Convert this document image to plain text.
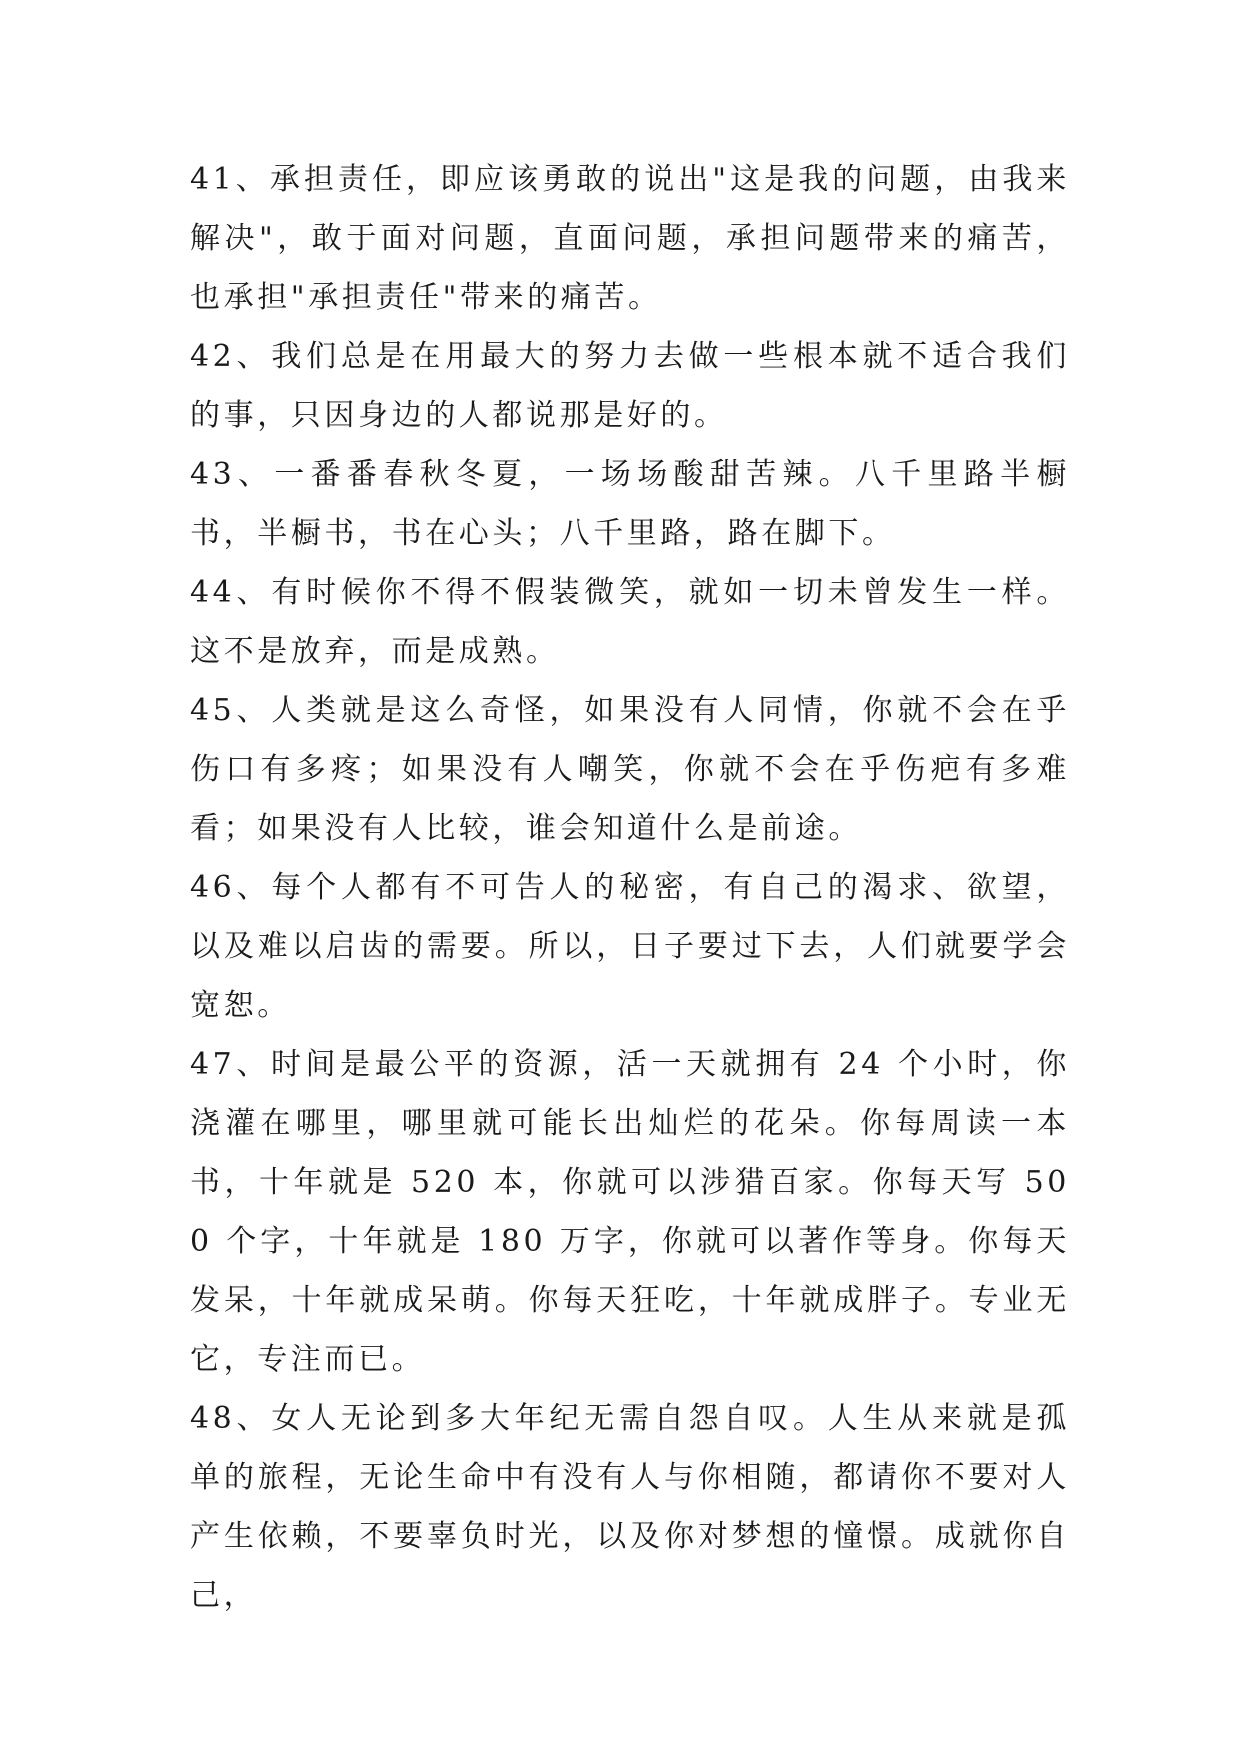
41、承担责任，即应该勇敢的说出"这是我的问题，由我来解决"，敢于面对问题，直面问题，承担问题带来的痛苦，也承担"承担责任"带来的痛苦。

42、我们总是在用最大的努力去做一些根本就不适合我们的事，只因身边的人都说那是好的。

43、一番番春秋冬夏，一场场酸甜苦辣。八千里路半橱书，半橱书，书在心头；八千里路，路在脚下。

44、有时候你不得不假装微笑，就如一切未曾发生一样。这不是放弃，而是成熟。

45、人类就是这么奇怪，如果没有人同情，你就不会在乎伤口有多疼；如果没有人嘲笑，你就不会在乎伤疤有多难看；如果没有人比较，谁会知道什么是前途。

46、每个人都有不可告人的秘密，有自己的渴求、欲望，以及难以启齿的需要。所以，日子要过下去，人们就要学会宽恕。

47、时间是最公平的资源，活一天就拥有 24 个小时，你浇灌在哪里，哪里就可能长出灿烂的花朵。你每周读一本书，十年就是 520 本，你就可以涉猎百家。你每天写 500 个字，十年就是 180 万字，你就可以著作等身。你每天发呆，十年就成呆萌。你每天狂吃，十年就成胖子。专业无它，专注而已。

48、女人无论到多大年纪无需自怨自叹。人生从来就是孤单的旅程，无论生命中有没有人与你相随，都请你不要对人产生依赖，不要辜负时光，以及你对梦想的憧憬。成就你自己，
